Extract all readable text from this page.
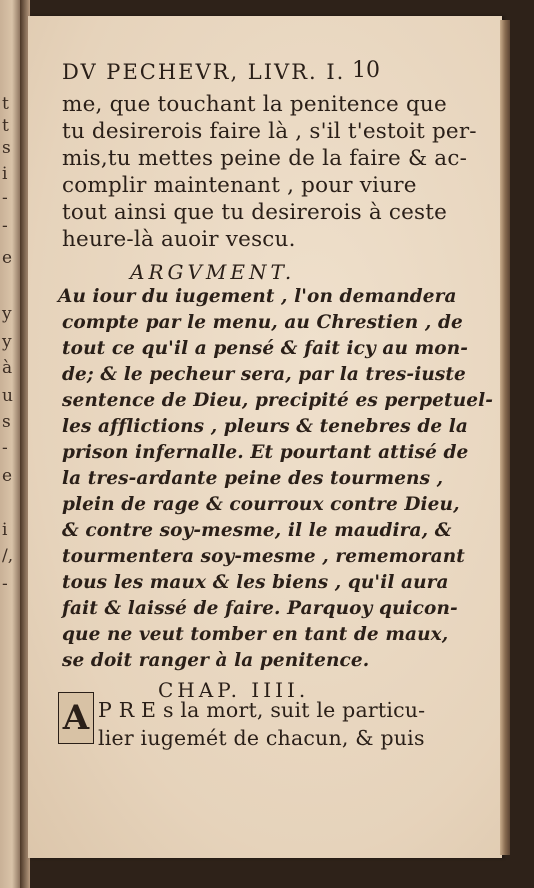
t
t
s
i
-
-
e
y
y
à
u
s
-
e
i
/,
-
DV PECHEVR, LIVR. I. 10
me, que touchant la penitence que
tu desirerois faire là , s'il t'estoit per-
mis,tu mettes peine de la faire & ac-
complir maintenant , pour viure
tout ainsi que tu desirerois à ceste
heure-là auoir vescu.
ARGVMENT.
Au iour du iugement , l'on demandera
compte par le menu, au Chrestien , de
tout ce qu'il a pensé & fait icy au mon-
de; & le pecheur sera, par la tres-iuste
sentence de Dieu, precipité es perpetuel-
les afflictions , pleurs & tenebres de la
prison infernalle. Et pourtant attisé de
la tres-ardante peine des tourmens ,
plein de rage & courroux contre Dieu,
& contre soy-mesme, il le maudira, &
tourmentera soy-mesme , rememorant
tous les maux & les biens , qu'il aura
fait & laissé de faire. Parquoy quicon-
que ne veut tomber en tant de maux,
se doit ranger à la penitence.
CHAP. IIII.
A P R E s la mort, suit le particu-
lier iugemét de chacun, & puis
